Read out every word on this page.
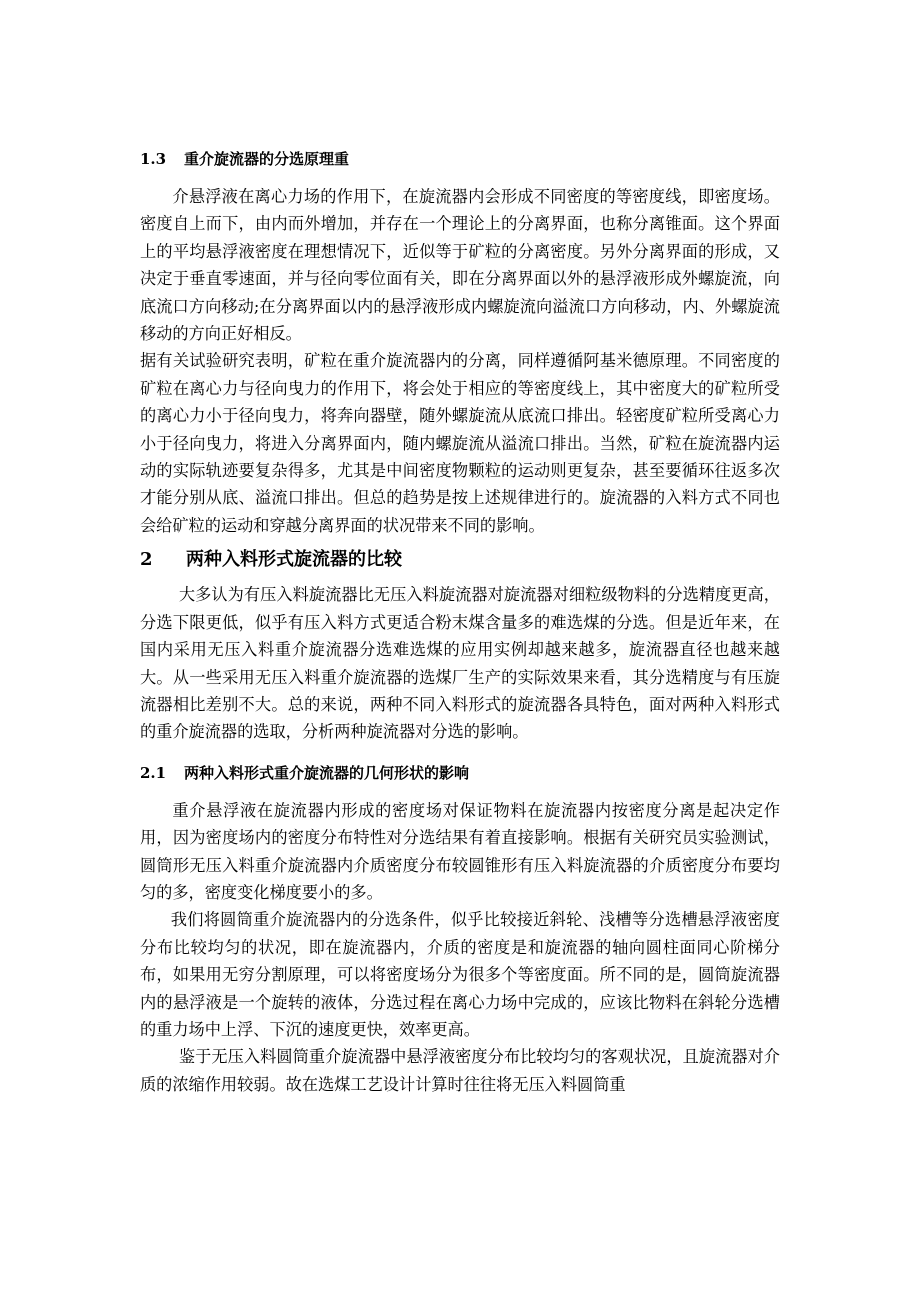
1.3 重介旋流器的分选原理重

介悬浮液在离心力场的作用下，在旋流器内会形成不同密度的等密度线，即密度场。密度自上而下，由内而外增加，并存在一个理论上的分离界面，也称分离锥面。这个界面上的平均悬浮液密度在理想情况下，近似等于矿粒的分离密度。另外分离界面的形成，又决定于垂直零速面，并与径向零位面有关，即在分离界面以外的悬浮液形成外螺旋流，向底流口方向移动;在分离界面以内的悬浮液形成内螺旋流向溢流口方向移动，内、外螺旋流移动的方向正好相反。

据有关试验研究表明，矿粒在重介旋流器内的分离，同样遵循阿基米德原理。不同密度的矿粒在离心力与径向曳力的作用下，将会处于相应的等密度线上，其中密度大的矿粒所受的离心力小于径向曳力，将奔向器壁，随外螺旋流从底流口排出。轻密度矿粒所受离心力小于径向曳力，将进入分离界面内，随内螺旋流从溢流口排出。当然，矿粒在旋流器内运动的实际轨迹要复杂得多，尤其是中间密度物颗粒的运动则更复杂，甚至要循环往返多次才能分别从底、溢流口排出。但总的趋势是按上述规律进行的。旋流器的入料方式不同也会给矿粒的运动和穿越分离界面的状况带来不同的影响。

2 两种入料形式旋流器的比较

大多认为有压入料旋流器比无压入料旋流器对旋流器对细粒级物料的分选精度更高，分选下限更低，似乎有压入料方式更适合粉末煤含量多的难选煤的分选。但是近年来，在国内采用无压入料重介旋流器分选难选煤的应用实例却越来越多，旋流器直径也越来越大。从一些采用无压入料重介旋流器的选煤厂生产的实际效果来看，其分选精度与有压旋流器相比差别不大。总的来说，两种不同入料形式的旋流器各具特色，面对两种入料形式的重介旋流器的选取，分析两种旋流器对分选的影响。

2.1 两种入料形式重介旋流器的几何形状的影响

重介悬浮液在旋流器内形成的密度场对保证物料在旋流器内按密度分离是起决定作用，因为密度场内的密度分布特性对分选结果有着直接影响。根据有关研究员实验测试，圆筒形无压入料重介旋流器内介质密度分布较圆锥形有压入料旋流器的介质密度分布要均匀的多，密度变化梯度要小的多。

我们将圆筒重介旋流器内的分选条件，似乎比较接近斜轮、浅槽等分选槽悬浮液密度分布比较均匀的状况，即在旋流器内，介质的密度是和旋流器的轴向圆柱面同心阶梯分布，如果用无穷分割原理，可以将密度场分为很多个等密度面。所不同的是，圆筒旋流器内的悬浮液是一个旋转的液体，分选过程在离心力场中完成的，应该比物料在斜轮分选槽的重力场中上浮、下沉的速度更快，效率更高。

鉴于无压入料圆筒重介旋流器中悬浮液密度分布比较均匀的客观状况，且旋流器对介质的浓缩作用较弱。故在选煤工艺设计计算时往往将无压入料圆筒重
